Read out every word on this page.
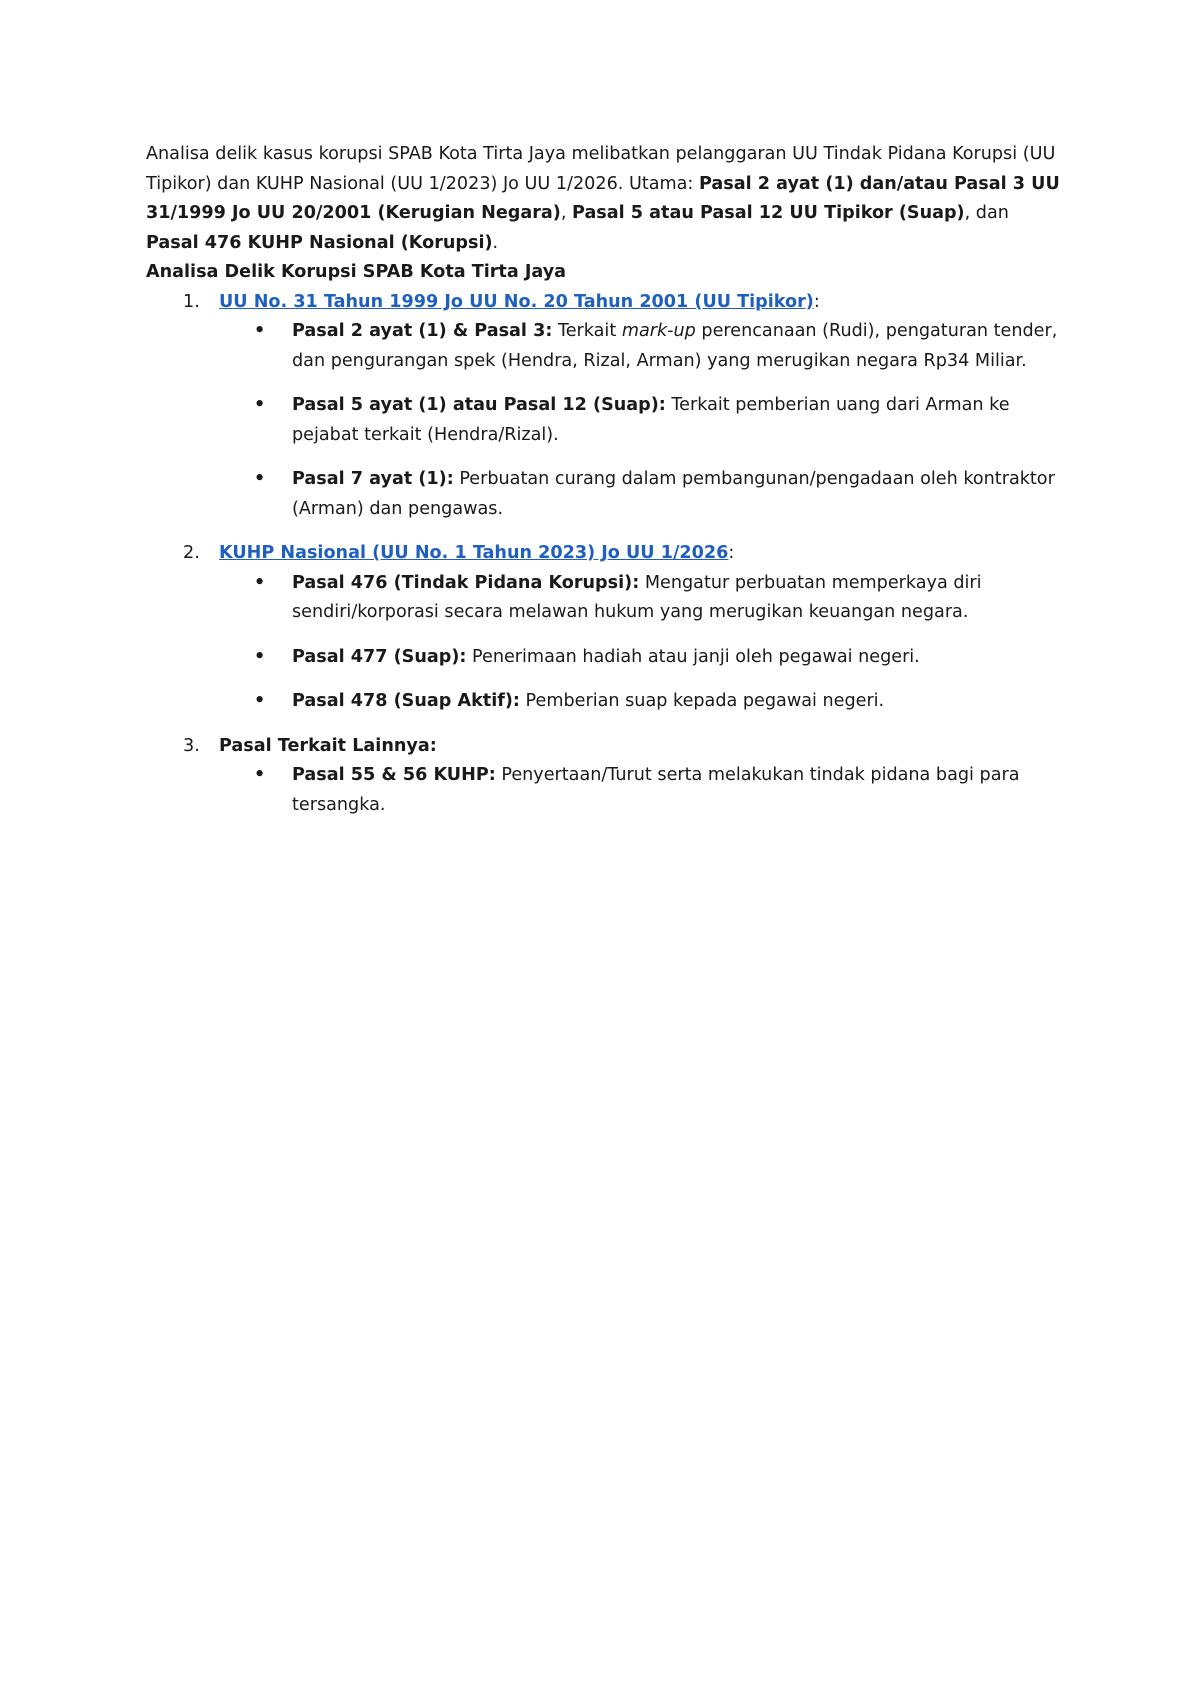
Analisa delik kasus korupsi SPAB Kota Tirta Jaya melibatkan pelanggaran UU Tindak Pidana Korupsi (UU Tipikor) dan KUHP Nasional (UU 1/2023) Jo UU 1/2026. Utama: Pasal 2 ayat (1) dan/atau Pasal 3 UU 31/1999 Jo UU 20/2001 (Kerugian Negara), Pasal 5 atau Pasal 12 UU Tipikor (Suap), dan Pasal 476 KUHP Nasional (Korupsi).

Analisa Delik Korupsi SPAB Kota Tirta Jaya

1. UU No. 31 Tahun 1999 Jo UU No. 20 Tahun 2001 (UU Tipikor):

• Pasal 2 ayat (1) & Pasal 3: Terkait mark-up perencanaan (Rudi), pengaturan tender, dan pengurangan spek (Hendra, Rizal, Arman) yang merugikan negara Rp34 Miliar.
• Pasal 5 ayat (1) atau Pasal 12 (Suap): Terkait pemberian uang dari Arman ke pejabat terkait (Hendra/Rizal).
• Pasal 7 ayat (1): Perbuatan curang dalam pembangunan/pengadaan oleh kontraktor (Arman) dan pengawas.
2. KUHP Nasional (UU No. 1 Tahun 2023) Jo UU 1/2026:

• Pasal 476 (Tindak Pidana Korupsi): Mengatur perbuatan memperkaya diri sendiri/korporasi secara melawan hukum yang merugikan keuangan negara.
• Pasal 477 (Suap): Penerimaan hadiah atau janji oleh pegawai negeri.
• Pasal 478 (Suap Aktif): Pemberian suap kepada pegawai negeri.
3. Pasal Terkait Lainnya:

• Pasal 55 & 56 KUHP: Penyertaan/Turut serta melakukan tindak pidana bagi para tersangka.
